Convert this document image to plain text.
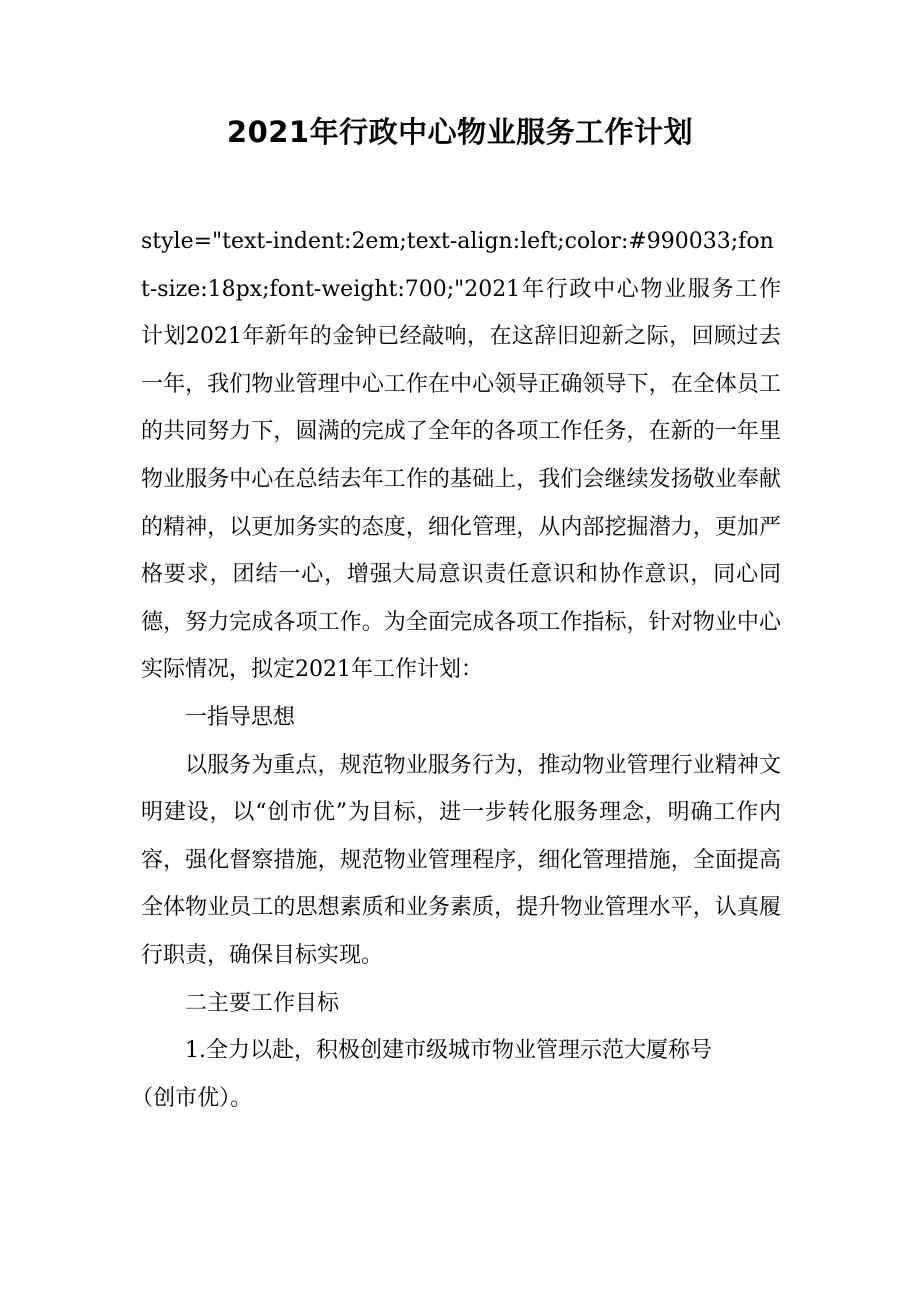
2021年行政中心物业服务工作计划

style="text-indent:2em;text-align:left;color:#990033;font-size:18px;font-weight:700;"2021年行政中心物业服务工作计划2021年新年的金钟已经敲响，在这辞旧迎新之际，回顾过去一年，我们物业管理中心工作在中心领导正确领导下，在全体员工的共同努力下，圆满的完成了全年的各项工作任务，在新的一年里物业服务中心在总结去年工作的基础上，我们会继续发扬敬业奉献的精神，以更加务实的态度，细化管理，从内部挖掘潜力，更加严格要求，团结一心，增强大局意识责任意识和协作意识，同心同德，努力完成各项工作。为全面完成各项工作指标，针对物业中心实际情况，拟定2021年工作计划：

一指导思想

以服务为重点，规范物业服务行为，推动物业管理行业精神文明建设，以“创市优”为目标，进一步转化服务理念，明确工作内容，强化督察措施，规范物业管理程序，细化管理措施，全面提高全体物业员工的思想素质和业务素质，提升物业管理水平，认真履行职责，确保目标实现。

二主要工作目标

1.全力以赴，积极创建市级城市物业管理示范大厦称号
（创市优）。
